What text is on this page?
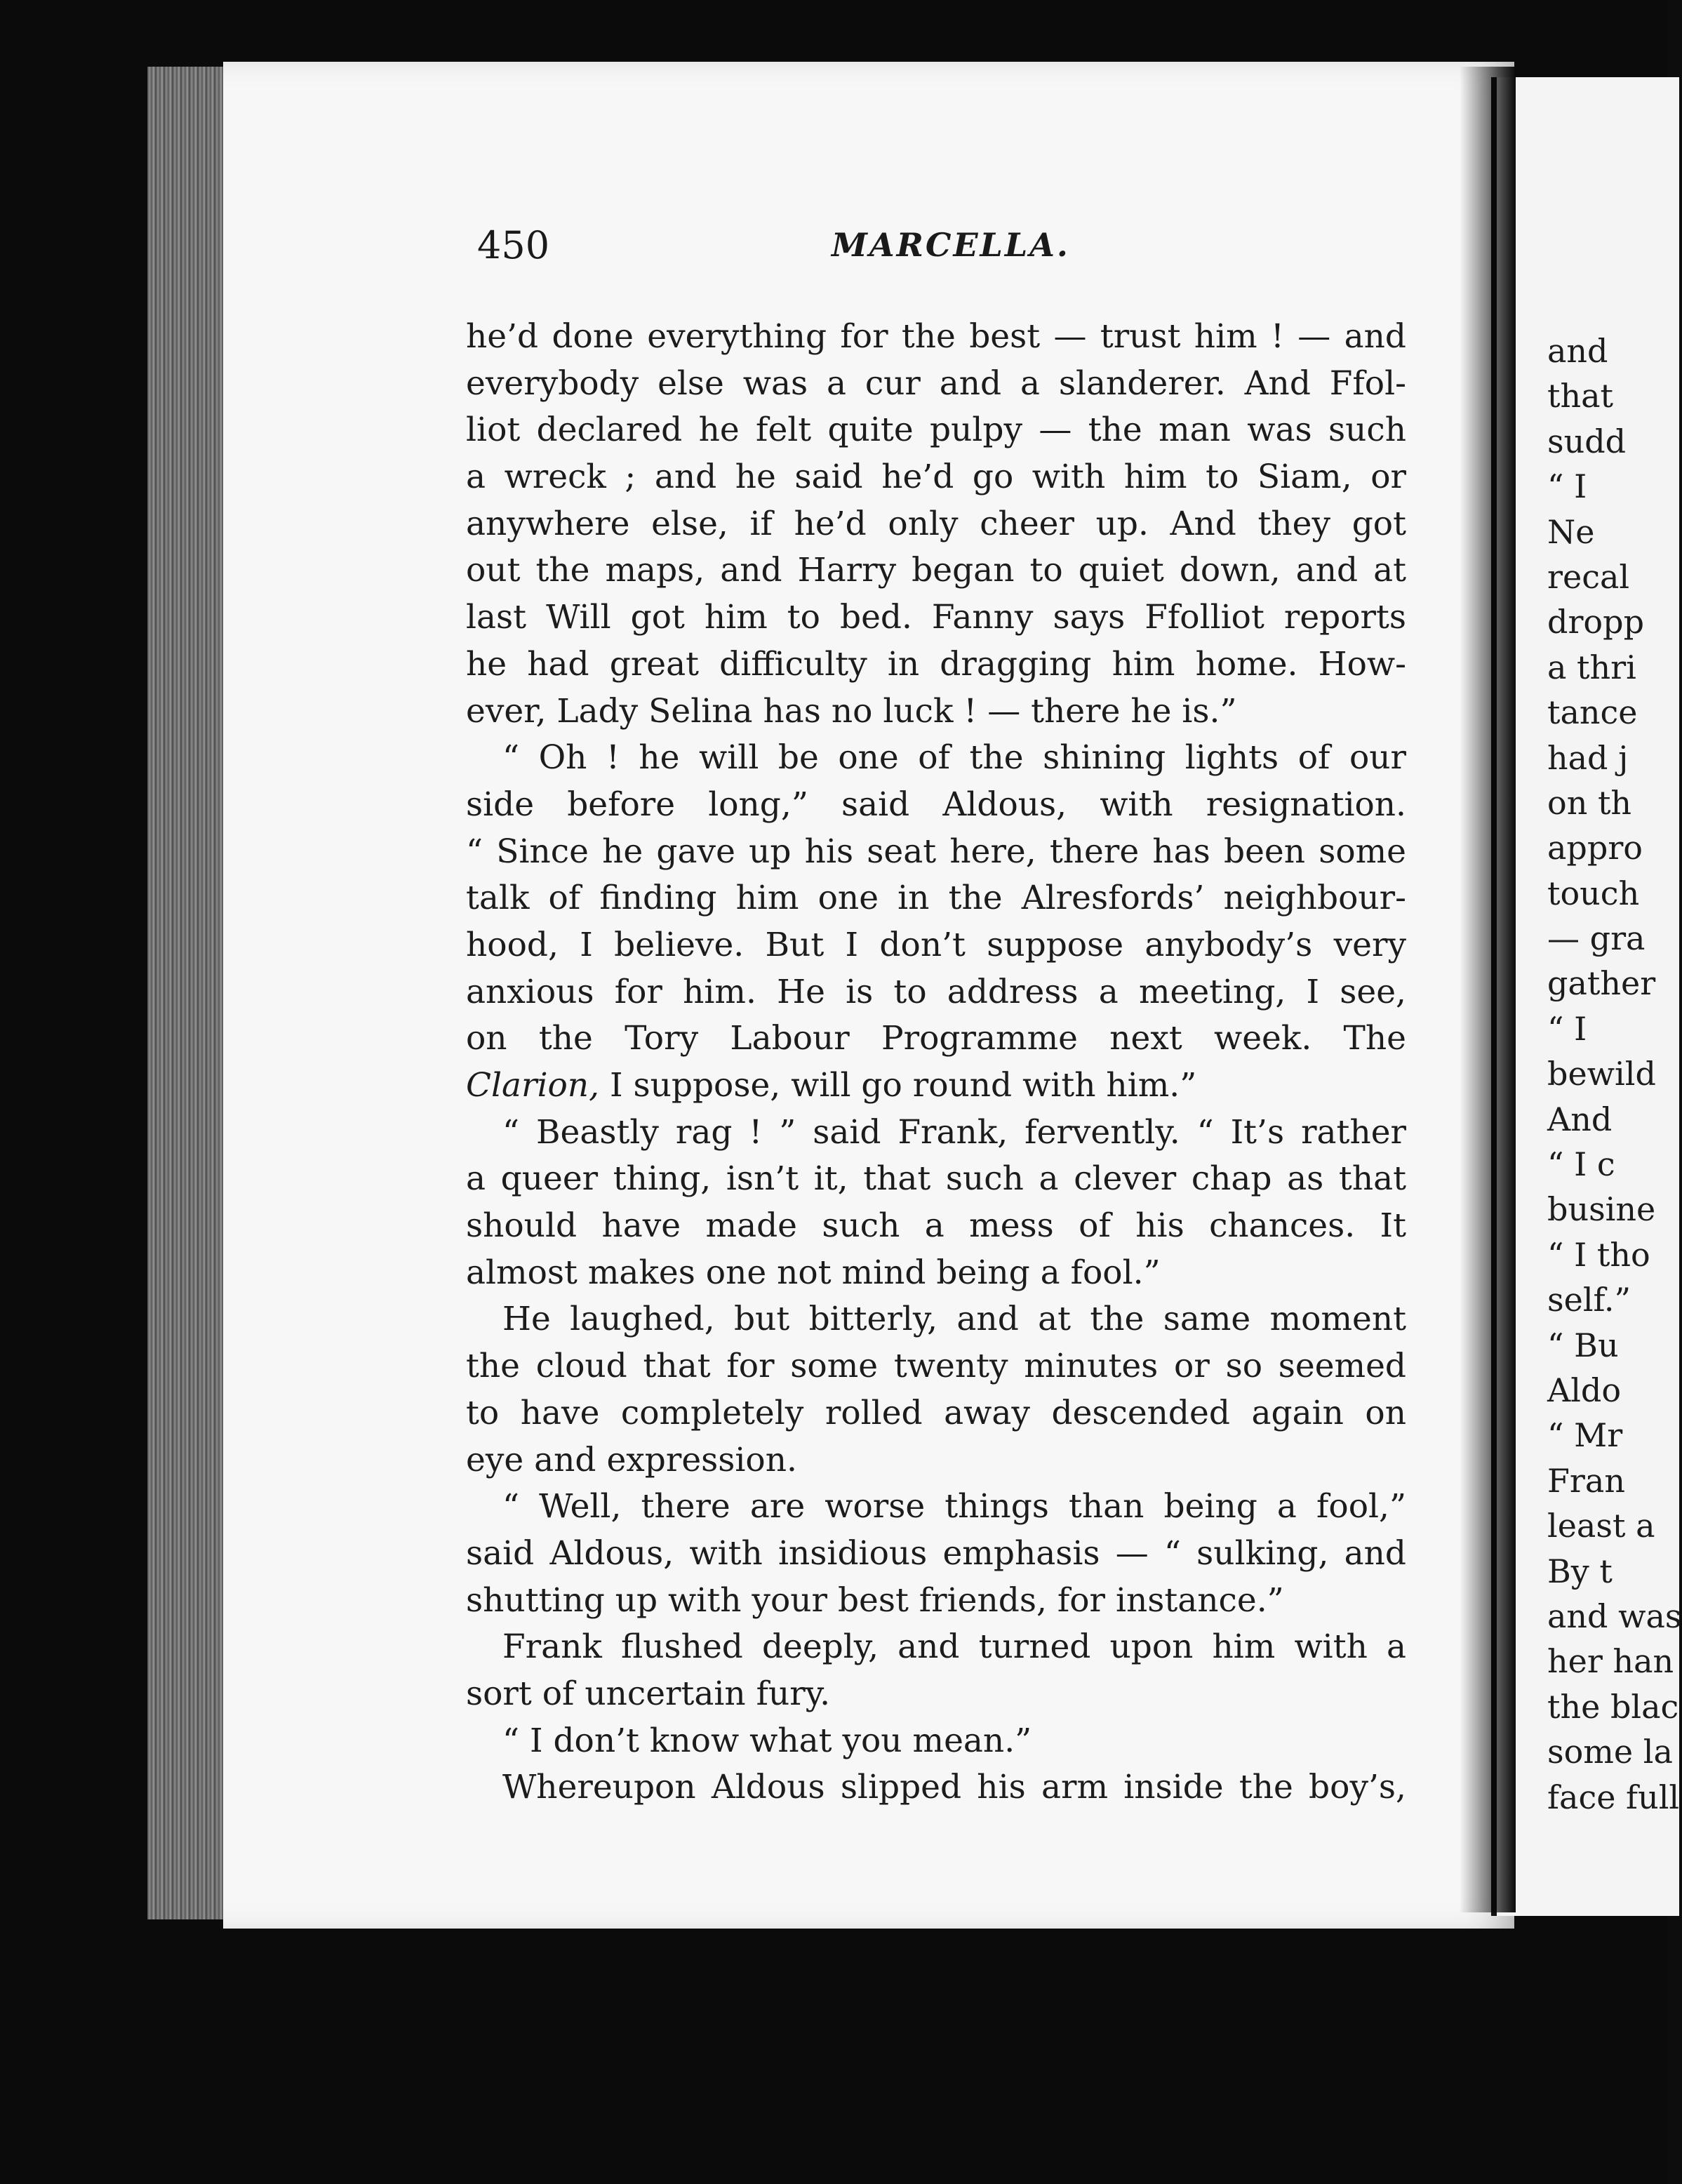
450	MARCELLA.
he’d done everything for the best — trust him ! — and
everybody else was a cur and a slanderer. And Ffol-
liot declared he felt quite pulpy — the man was such
a wreck ; and he said he’d go with him to Siam, or
anywhere else, if he’d only cheer up. And they got
out the maps, and Harry began to quiet down, and at
last Will got him to bed. Fanny says Ffolliot reports
he had great difficulty in dragging him home. How-
ever, Lady Selina has no luck ! — there he is.”
“ Oh ! he will be one of the shining lights of our
side before long,” said Aldous, with resignation.
“ Since he gave up his seat here, there has been some
talk of finding him one in the Alresfords’ neighbour-
hood, I believe. But I don’t suppose anybody’s very
anxious for him. He is to address a meeting, I see,
on the Tory Labour Programme next week. The
Clarion, I suppose, will go round with him.”
“ Beastly rag ! ” said Frank, fervently. “ It’s rather
a queer thing, isn’t it, that such a clever chap as that
should have made such a mess of his chances. It
almost makes one not mind being a fool.”
He laughed, but bitterly, and at the same moment
the cloud that for some twenty minutes or so seemed
to have completely rolled away descended again on
eye and expression.
“ Well, there are worse things than being a fool,”
said Aldous, with insidious emphasis — “ sulking, and
shutting up with your best friends, for instance.”
Frank flushed deeply, and turned upon him with a
sort of uncertain fury.
“ I don’t know what you mean.”
Whereupon Aldous slipped his arm inside the boy’s,
and
that
sudd
“ I
Ne
recal
dropp
a thri
tance
had j
on th
appro
touch
— gra
gather
“ I
bewild
And
“ I c
busine
“ I tho
self.”
“ Bu
Aldo
“ Mr
Fran
least a
By t
and was
her han
the blac
some la
face full
